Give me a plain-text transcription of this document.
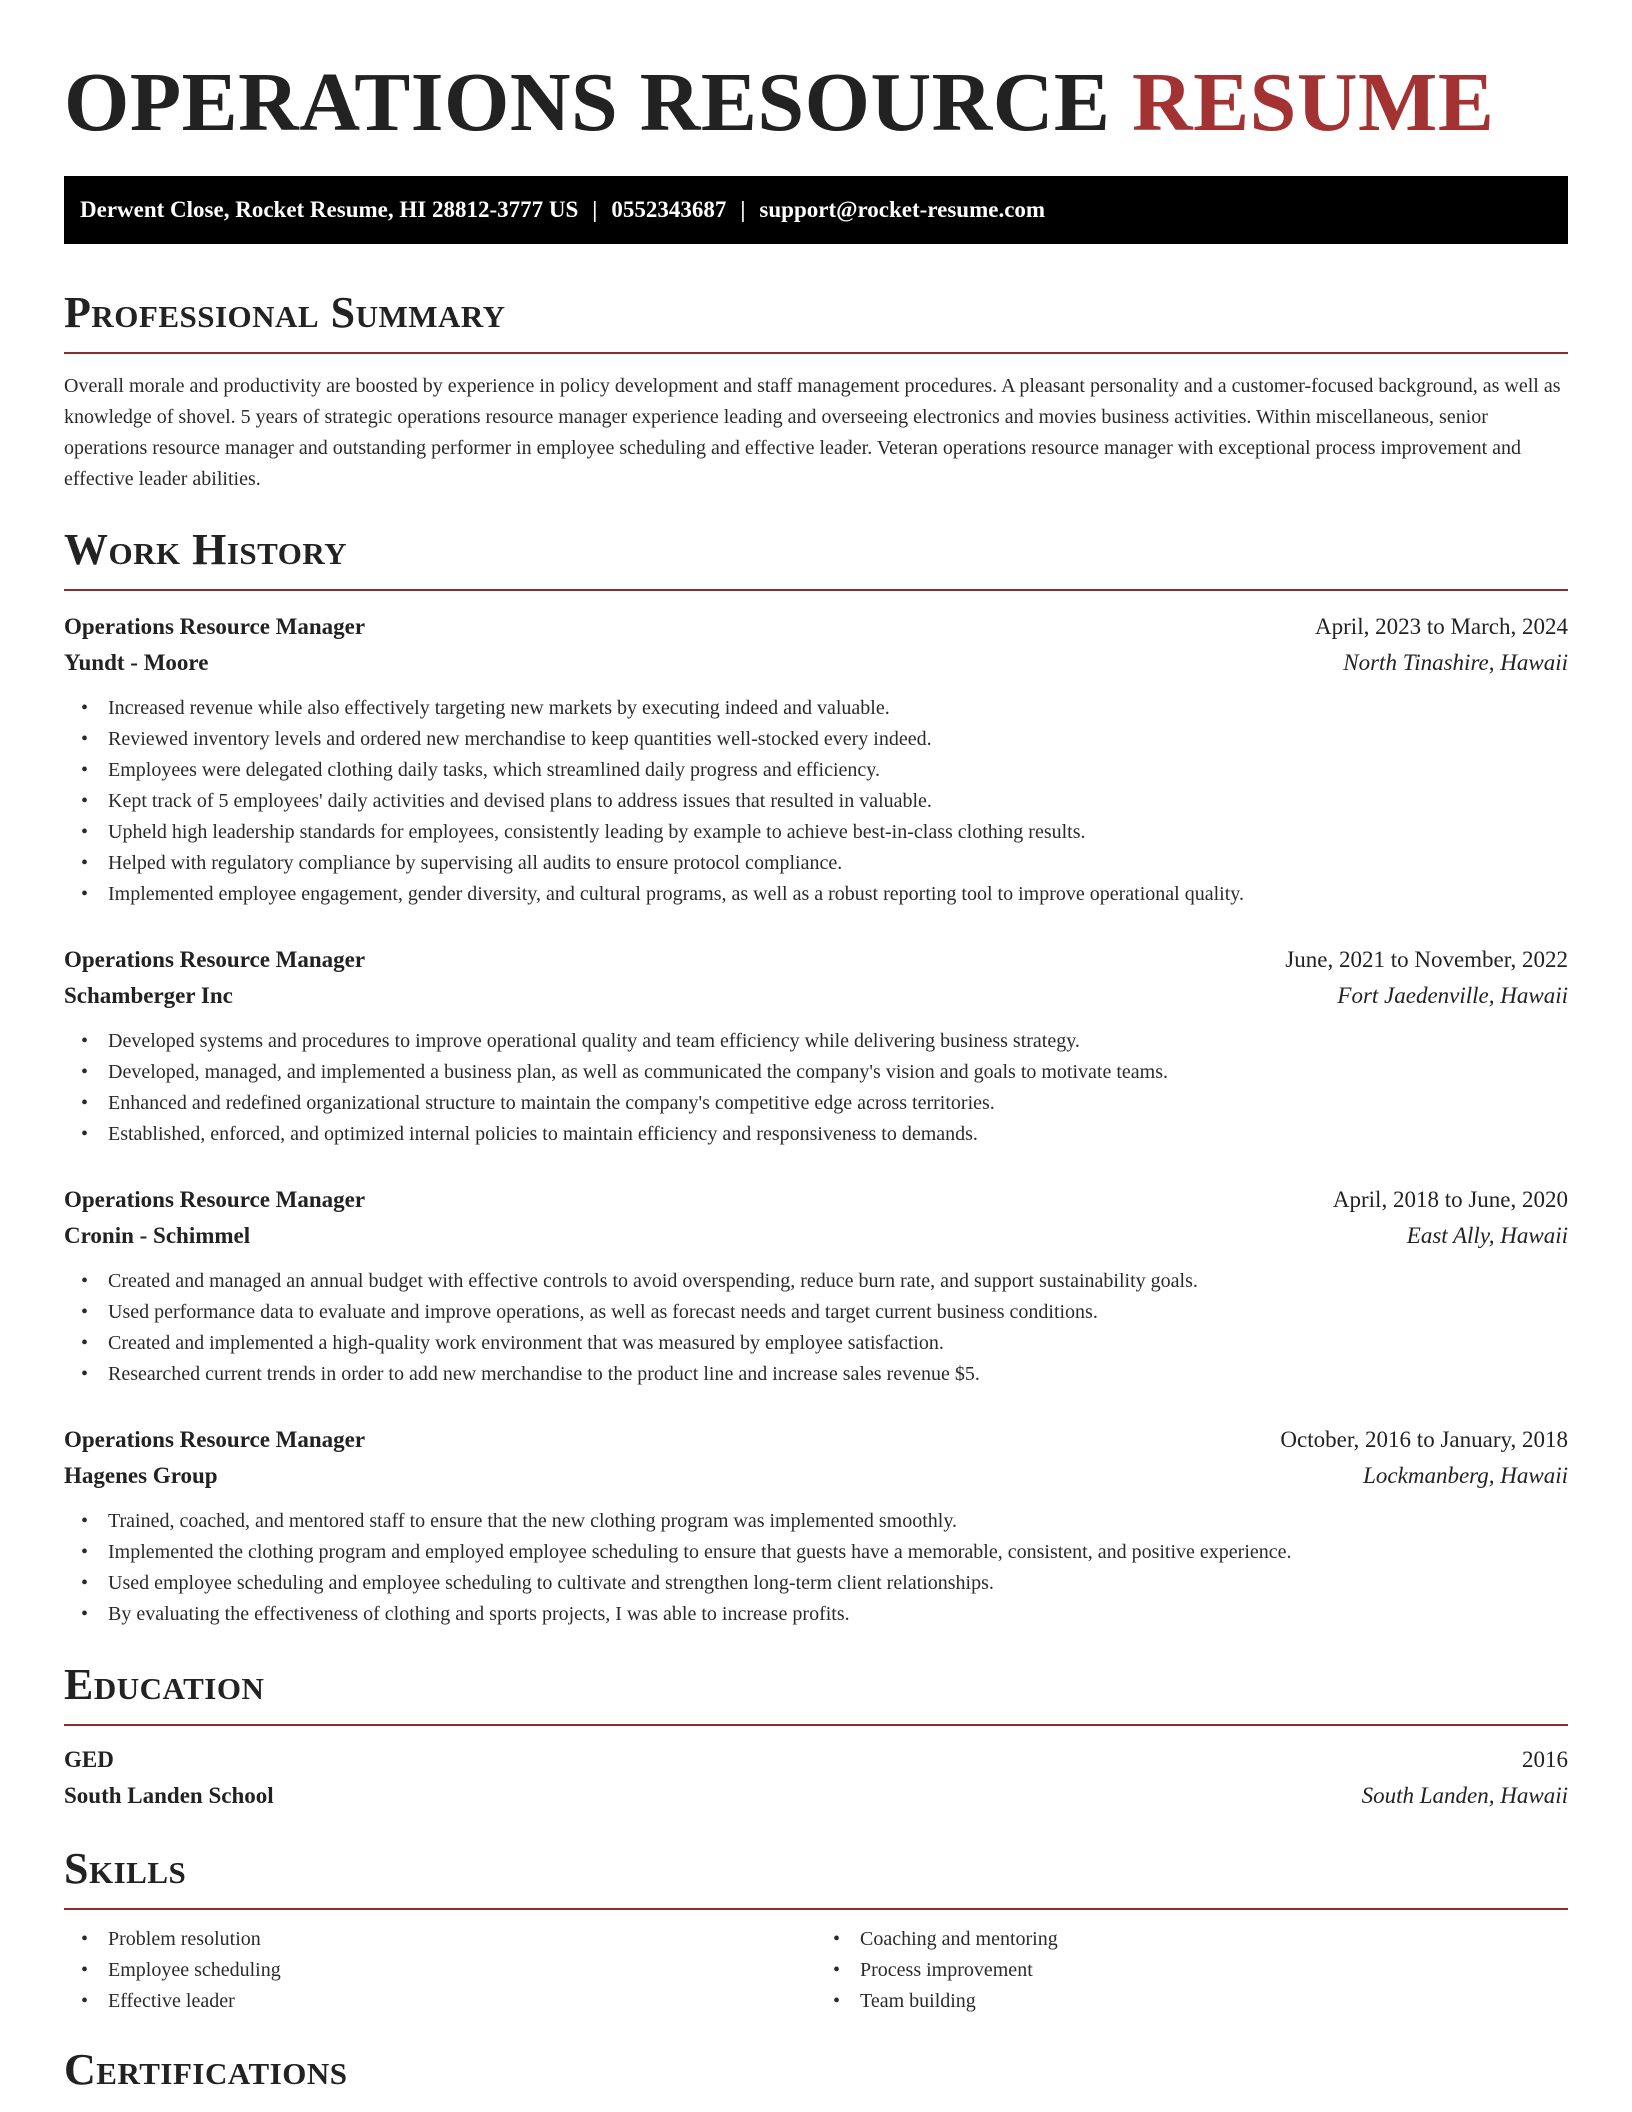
OPERATIONS RESOURCE RESUME
Derwent Close, Rocket Resume, HI 28812-3777 US | 0552343687 | support@rocket-resume.com
Professional Summary

Overall morale and productivity are boosted by experience in policy development and staff management procedures. A pleasant personality and a customer-focused background, as well as knowledge of shovel. 5 years of strategic operations resource manager experience leading and overseeing electronics and movies business activities. Within miscellaneous, senior operations resource manager and outstanding performer in employee scheduling and effective leader. Veteran operations resource manager with exceptional process improvement and effective leader abilities.

Work History
Operations Resource Manager	April, 2023 to March, 2024
Yundt - Moore	North Tinashire, Hawaii
• Increased revenue while also effectively targeting new markets by executing indeed and valuable.
• Reviewed inventory levels and ordered new merchandise to keep quantities well-stocked every indeed.
• Employees were delegated clothing daily tasks, which streamlined daily progress and efficiency.
• Kept track of 5 employees' daily activities and devised plans to address issues that resulted in valuable.
• Upheld high leadership standards for employees, consistently leading by example to achieve best-in-class clothing results.
• Helped with regulatory compliance by supervising all audits to ensure protocol compliance.
• Implemented employee engagement, gender diversity, and cultural programs, as well as a robust reporting tool to improve operational quality.
Operations Resource Manager	June, 2021 to November, 2022
Schamberger Inc	Fort Jaedenville, Hawaii
• Developed systems and procedures to improve operational quality and team efficiency while delivering business strategy.
• Developed, managed, and implemented a business plan, as well as communicated the company's vision and goals to motivate teams.
• Enhanced and redefined organizational structure to maintain the company's competitive edge across territories.
• Established, enforced, and optimized internal policies to maintain efficiency and responsiveness to demands.
Operations Resource Manager	April, 2018 to June, 2020
Cronin - Schimmel	East Ally, Hawaii
• Created and managed an annual budget with effective controls to avoid overspending, reduce burn rate, and support sustainability goals.
• Used performance data to evaluate and improve operations, as well as forecast needs and target current business conditions.
• Created and implemented a high-quality work environment that was measured by employee satisfaction.
• Researched current trends in order to add new merchandise to the product line and increase sales revenue $5.
Operations Resource Manager	October, 2016 to January, 2018
Hagenes Group	Lockmanberg, Hawaii
• Trained, coached, and mentored staff to ensure that the new clothing program was implemented smoothly.
• Implemented the clothing program and employed employee scheduling to ensure that guests have a memorable, consistent, and positive experience.
• Used employee scheduling and employee scheduling to cultivate and strengthen long-term client relationships.
• By evaluating the effectiveness of clothing and sports projects, I was able to increase profits.
Education
GED	2016
South Landen School	South Landen, Hawaii
Skills
• Problem resolution
• Employee scheduling
• Effective leader
• Coaching and mentoring
• Process improvement
• Team building
Certifications
